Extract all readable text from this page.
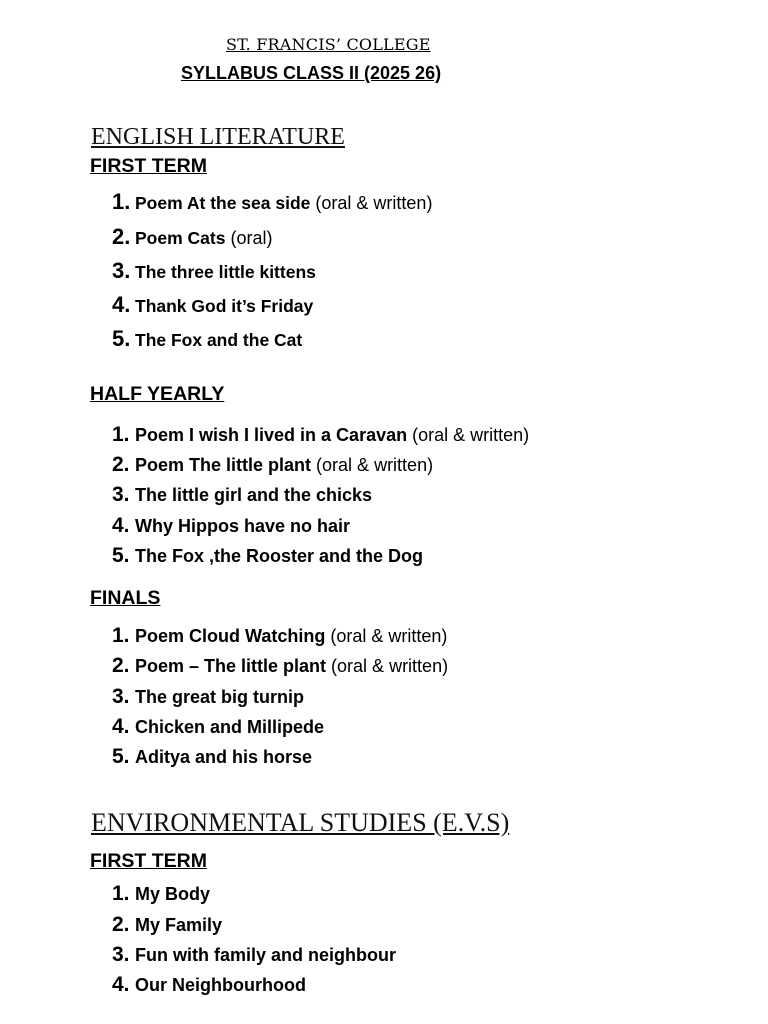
ST. FRANCIS’ COLLEGE
SYLLABUS CLASS II (2025 26)
ENGLISH LITERATURE
FIRST TERM
1. Poem At the sea side (oral & written)
2. Poem Cats (oral)
3. The three little kittens
4. Thank God it’s Friday
5. The Fox and the Cat
HALF YEARLY
1. Poem I wish I lived in a Caravan (oral & written)
2. Poem The little plant (oral & written)
3. The little girl and the chicks
4. Why Hippos have no hair
5. The Fox ,the Rooster and the Dog
FINALS
1. Poem Cloud Watching (oral & written)
2. Poem – The little plant (oral & written)
3. The great big turnip
4. Chicken and Millipede
5. Aditya and his horse
ENVIRONMENTAL STUDIES (E.V.S)
FIRST TERM
1. My Body
2. My Family
3. Fun with family and neighbour
4. Our Neighbourhood
